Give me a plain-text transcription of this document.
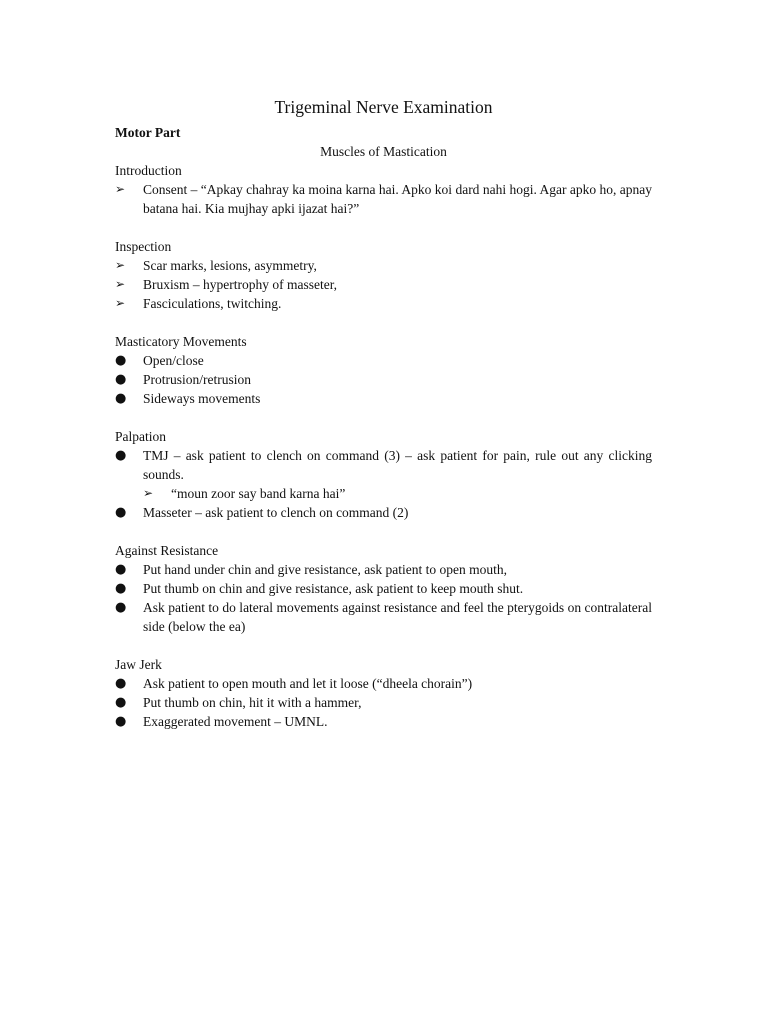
Trigeminal Nerve Examination

Motor Part

Muscles of Mastication

Introduction

➢	Consent – “Apkay chahray ka moina karna hai. Apko koi dard nahi hogi. Agar apko ho, apnay batana hai. Kia mujhay apki ijazat hai?”

Inspection

➢	Scar marks, lesions, asymmetry,
➢	Bruxism – hypertrophy of masseter,
➢	Fasciculations, twitching.

Masticatory Movements

●	Open/close
●	Protrusion/retrusion
●	Sideways movements

Palpation

●	TMJ – ask patient to clench on command (3) – ask patient for pain, rule out any clicking sounds.
➢	“moun zoor say band karna hai”
●	Masseter – ask patient to clench on command (2)

Against Resistance

●	Put hand under chin and give resistance, ask patient to open mouth,
●	Put thumb on chin and give resistance, ask patient to keep mouth shut.
●	Ask patient to do lateral movements against resistance and feel the pterygoids on contralateral side (below the ea)

Jaw Jerk

●	Ask patient to open mouth and let it loose (“dheela chorain”)
●	Put thumb on chin, hit it with a hammer,
●	Exaggerated movement – UMNL.
